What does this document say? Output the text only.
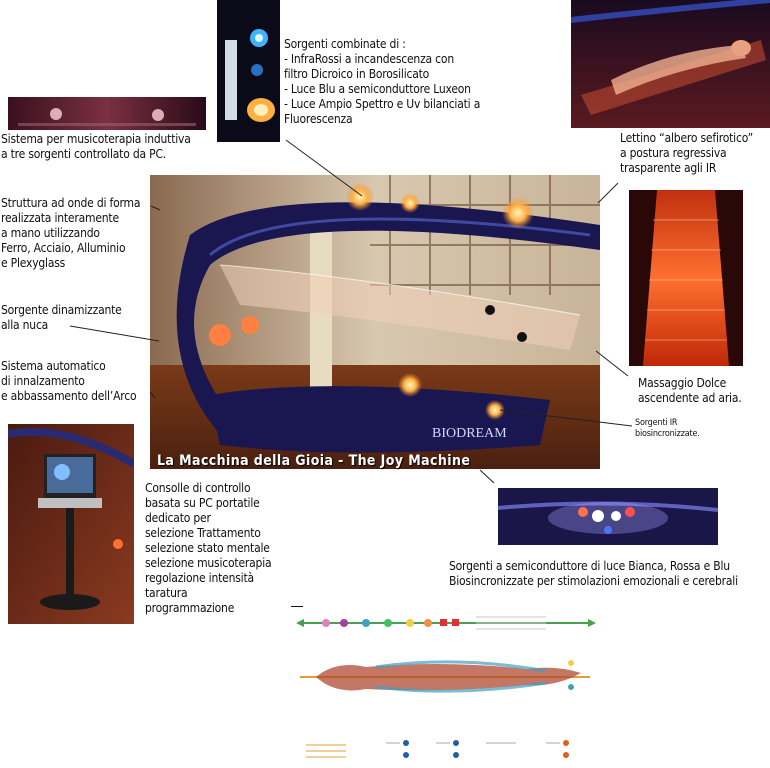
BIODREAM
La Macchina della Gioia - The Joy Machine
Sistema per musicoterapia induttiva
a tre sorgenti controllato da PC.
Sorgenti combinate di :
- InfraRossi a incandescenza con
filtro Dicroico in Borosilicato
- Luce Blu a semiconduttore Luxeon
- Luce Ampio Spettro e Uv bilanciati a
Fluorescenza
Lettino “albero sefirotico”
a postura regressiva
trasparente agli IR
Struttura ad onde di forma
realizzata interamente
a mano utilizzando
Ferro, Acciaio, Alluminio
e Plexyglass
Sorgente dinamizzante
alla nuca
Sistema automatico
di innalzamento
e abbassamento dell’Arco
Massaggio Dolce
ascendente ad aria.
Sorgenti IR
biosincronizzate.
Consolle di controllo
basata su PC portatile
dedicato per
selezione Trattamento
selezione stato mentale
selezione musicoterapia
regolazione intensità
taratura
programmazione
Sorgenti a semiconduttore di luce Bianca, Rossa e Blu
Biosincronizzate per stimolazioni emozionali e cerebrali
